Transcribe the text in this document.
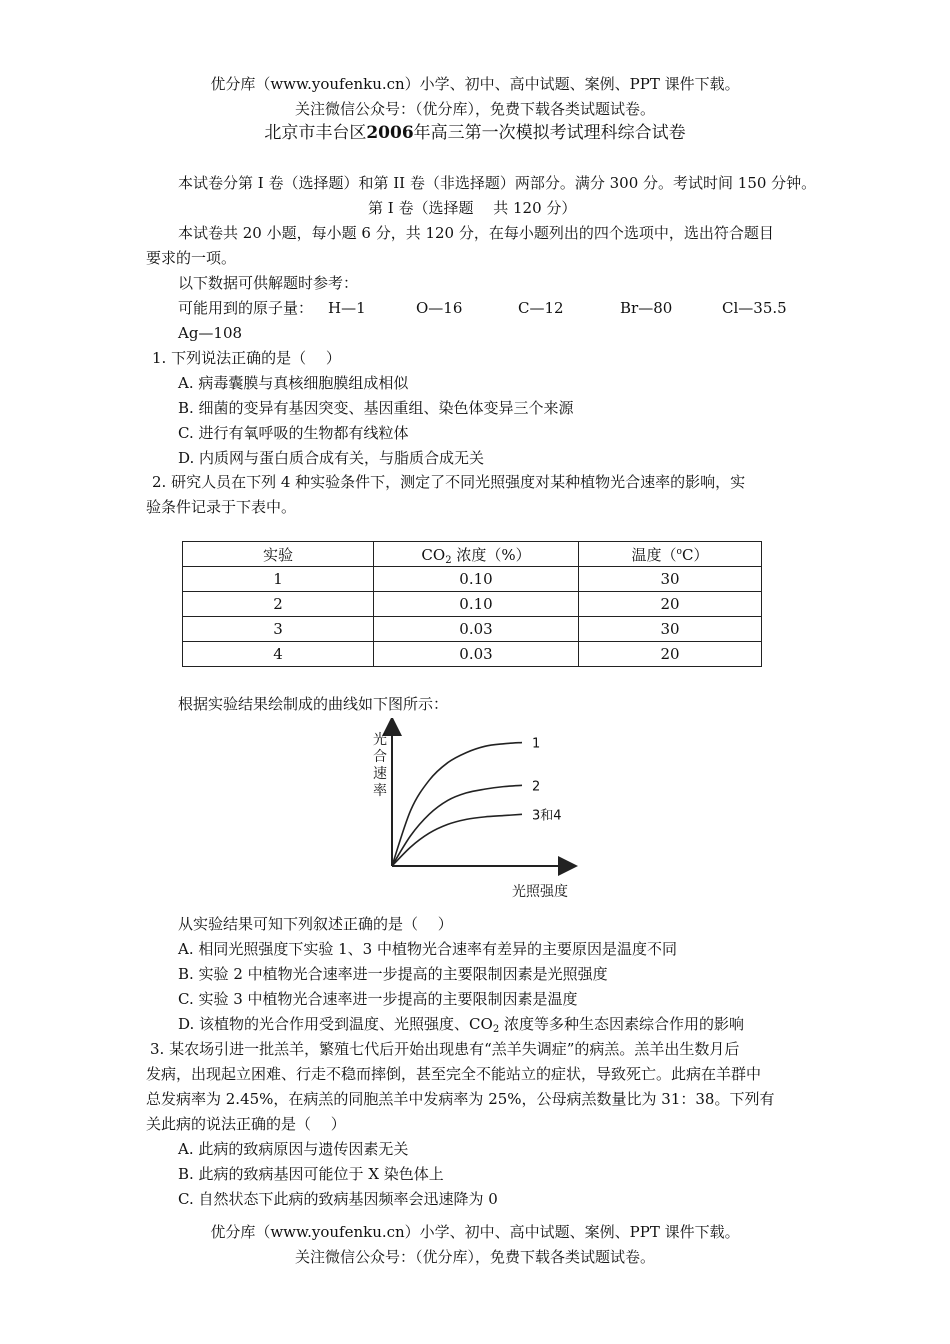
优分库（www.youfenku.cn）小学、初中、高中试题、案例、PPT 课件下载。
关注微信公众号：（优分库），免费下载各类试题试卷。
北京市丰台区2006年高三第一次模拟考试理科综合试卷
本试卷分第 I 卷（选择题）和第 II 卷（非选择题）两部分。满分 300 分。考试时间 150 分钟。
第 I 卷（选择题　 共 120 分）
本试卷共 20 小题，每小题 6 分，共 120 分，在每小题列出的四个选项中，选出符合题目
要求的一项。
以下数据可供解题时参考：
可能用到的原子量： H—1	O—16	C—12	Br—80	Cl—35.5
Ag—108
1. 下列说法正确的是（　 ）
A. 病毒囊膜与真核细胞膜组成相似
B. 细菌的变异有基因突变、基因重组、染色体变异三个来源
C. 进行有氧呼吸的生物都有线粒体
D. 内质网与蛋白质合成有关，与脂质合成无关
2. 研究人员在下列 4 种实验条件下，测定了不同光照强度对某种植物光合速率的影响，实
验条件记录于下表中。
实验	$CO_2$ 浓度（%）	温度（$^o$C）
1	0.10	30
2	0.10	20
3	0.03	30
4	0.03	20
根据实验结果绘制成的曲线如下图所示：
光合速率
光照强度
1
2
3和4
从实验结果可知下列叙述正确的是（　 ）
A. 相同光照强度下实验 1、3 中植物光合速率有差异的主要原因是温度不同
B. 实验 2 中植物光合速率进一步提高的主要限制因素是光照强度
C. 实验 3 中植物光合速率进一步提高的主要限制因素是温度
D. 该植物的光合作用受到温度、光照强度、$CO_2$ 浓度等多种生态因素综合作用的影响
3. 某农场引进一批羔羊，繁殖七代后开始出现患有“羔羊失调症”的病羔。羔羊出生数月后
发病，出现起立困难、行走不稳而摔倒，甚至完全不能站立的症状，导致死亡。此病在羊群中
总发病率为 2.45%，在病羔的同胞羔羊中发病率为 25%，公母病羔数量比为 31：38。下列有
关此病的说法正确的是（　 ）
A. 此病的致病原因与遗传因素无关
B. 此病的致病基因可能位于 X 染色体上
C. 自然状态下此病的致病基因频率会迅速降为 0
优分库（www.youfenku.cn）小学、初中、高中试题、案例、PPT 课件下载。
关注微信公众号：（优分库），免费下载各类试题试卷。
